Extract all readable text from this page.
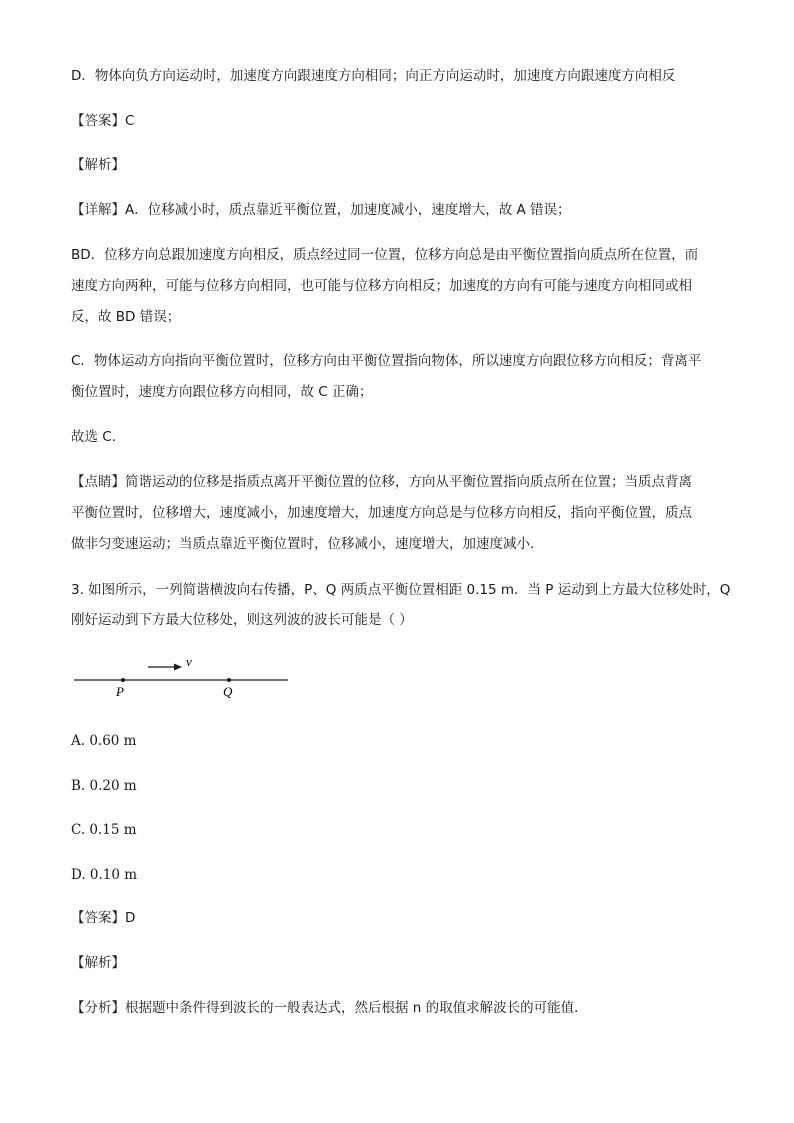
D．物体向负方向运动时，加速度方向跟速度方向相同；向正方向运动时，加速度方向跟速度方向相反
【答案】C
【解析】
【详解】A．位移减小时，质点靠近平衡位置，加速度减小，速度增大，故 A 错误；
BD．位移方向总跟加速度方向相反，质点经过同一位置，位移方向总是由平衡位置指向质点所在位置，而
速度方向两种，可能与位移方向相同，也可能与位移方向相反；加速度的方向有可能与速度方向相同或相
反，故 BD 错误；
C．物体运动方向指向平衡位置时，位移方向由平衡位置指向物体，所以速度方向跟位移方向相反；背离平
衡位置时，速度方向跟位移方向相同，故 C 正确；
故选 C.
【点睛】简谐运动的位移是指质点离开平衡位置的位移，方向从平衡位置指向质点所在位置；当质点背离
平衡位置时，位移增大，速度减小，加速度增大，加速度方向总是与位移方向相反，指向平衡位置，质点
做非匀变速运动；当质点靠近平衡位置时，位移减小，速度增大，加速度减小.
3. 如图所示，一列简谐横波向右传播，P、Q 两质点平衡位置相距 0.15 m．当 P 运动到上方最大位移处时，Q
刚好运动到下方最大位移处，则这列波的波长可能是（ ）
v
P	Q
A. 0.60 m
B. 0.20 m
C. 0.15 m
D. 0.10 m
【答案】D
【解析】
【分析】根据题中条件得到波长的一般表达式，然后根据 n 的取值求解波长的可能值．
